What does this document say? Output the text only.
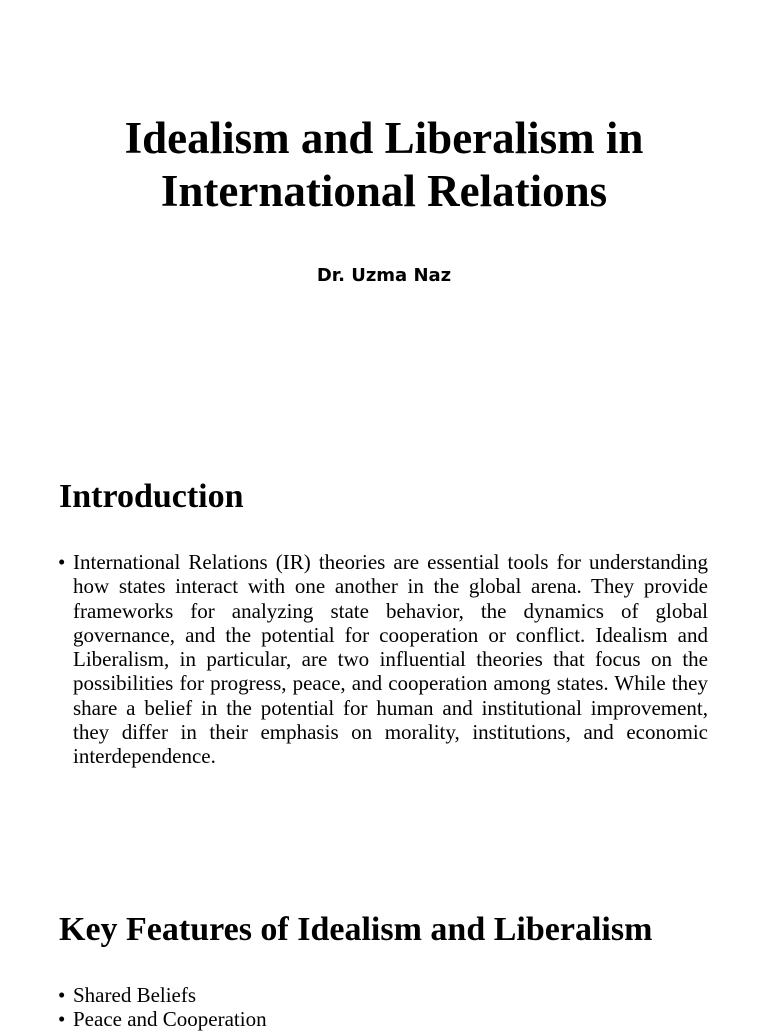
Idealism and Liberalism in
International Relations

Dr. Uzma Naz

Introduction
• International Relations (IR) theories are essential tools for understanding how states interact with one another in the global arena. They provide frameworks for analyzing state behavior, the dynamics of global governance, and the potential for cooperation or conflict. Idealism and Liberalism, in particular, are two influential theories that focus on the possibilities for progress, peace, and cooperation among states. While they share a belief in the potential for human and institutional improvement, they differ in their emphasis on morality, institutions, and economic interdependence.
Key Features of Idealism and Liberalism
• Shared Beliefs
• Peace and Cooperation
